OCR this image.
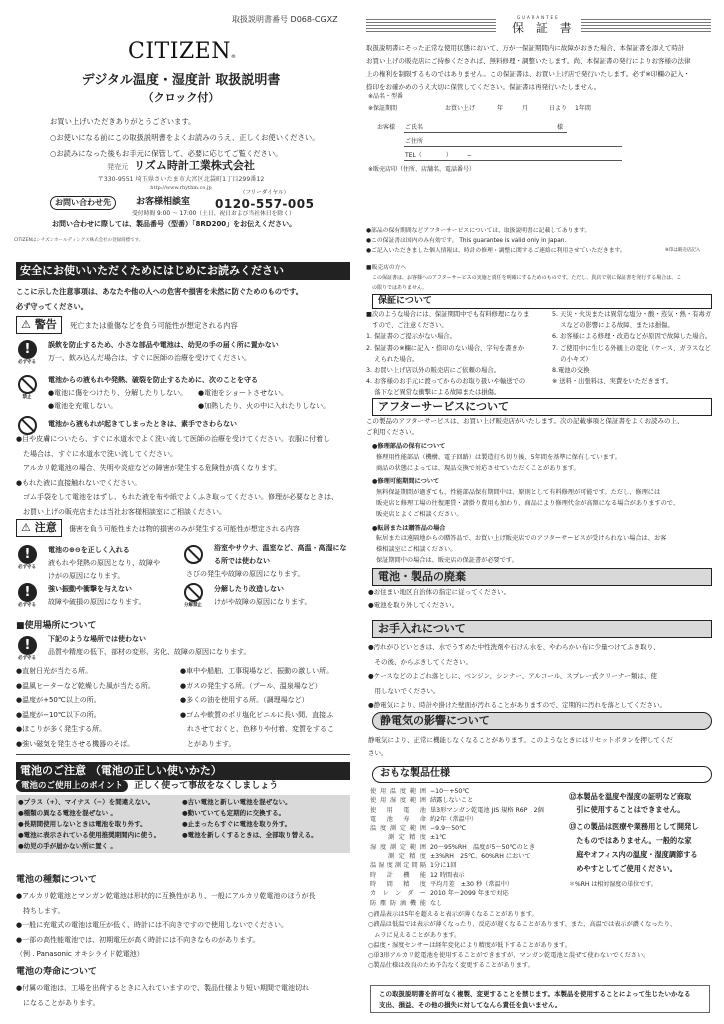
取扱説明書番号 D068-CGXZ
CITIZEN®
デジタル温度・湿度計 取扱説明書
（クロック付）
お買い上げいただきありがとうございます。
○お使いになる前にこの取扱説明書をよくお読みのうえ、正しくお使いください。
○お読みになった後もお手元に保管して、必要に応じてご覧ください。
発売元 リズム時計工業株式会社
〒330-9551 埼玉県さいたま市大宮区北袋町1丁目299番12
http://www.rhythm.co.jp
お問い合わせ先	お客様相談室
（フリーダイヤル）
0120-557-005
受付時間 9:00 ～ 17:00（土日、祝日および当社休日を除く）
お問い合わせに際しては、製品番号（型番）「8RD200」をお伝えください。
CITIZENはシチズンホールディングス株式会社の登録商標です。
安全にお使いいただくためにはじめにお読みください
ここに示した注意事項は、あなたや他の人への危害や損害を未然に防ぐためのものです。
必ず守ってください。
⚠ 警告 死亡または重傷などを負う可能性が想定される内容
!
必ず守る
誤飲を防止するため、小さな部品や電池は、幼児の手の届く所に置かない
万一、飲み込んだ場合は、すぐに医師の治療を受けてください。
禁止
電池からの液もれや発熱、破裂を防止するために、次のことを守る
●電池に傷をつけたり、分解したりしない。 ●電池をショートさせない。
●電池を充電しない。	●加熱したり、火の中に入れたりしない。
電池から液もれが起きてしまったときは、素手でさわらない
●目や皮膚についたら、すぐに水道水でよく洗い流して医師の治療を受けてください。衣服に付着し
　た場合は、すぐに水道水で洗い流してください。
　アルカリ乾電池の場合、失明や炎症などの障害が発生する危険性が高くなります。
●もれた液に直接触れないでください。
　ゴム手袋をして電池をはずし、もれた液を布や紙でよくふき取ってください。修理が必要なときは、
　お買い上げの販売店または当社お客様相談室にご相談ください。
⚠ 注意 傷害を負う可能性または物的損害のみが発生する可能性が想定される内容
!
必ず守る
電池の⊕⊖を正しく入れる
液もれや発熱の原因となり、故障や
けがの原因になります。
!
必ず守る
強い振動や衝撃を与えない
故障や破損の原因になります。
浴室やサウナ、温室など、高温・高湿にな
る所では使わない
さびの発生や故障の原因になります。
分解禁止
分解したり改造しない
けがや故障の原因になります。
■使用場所について
!
必ず守る
下記のような場所では使わない
品質や精度の低下、部材の変形、劣化、故障の原因になります。
●直射日光が当たる所。
●温風ヒーターなど乾燥した風が当たる所。
●温度が+50℃以上の所。
●温度が−10℃以下の所。
●ほこりが多く発生する所。
●強い磁気を発生させる機器のそば。
●車中や船舶、工事現場など、振動の激しい所。
●ガスの発生する所。（プール、温泉場など）
●多くの油を使用する所。（調理場など）
●ゴムや軟質のポリ塩化ビニルに長い間、直接ふ
　れさせておくと、色移りや付着、変質をするこ
　とがあります。
電池のご注意 （電池の正しい使いかた）
電池のご使用上のポイント 正しく使って事故をなくしましょう
●プラス（+）、マイナス（−）を間違えない。
●種類の異なる電池を混ぜない 。
●長期間使用しないときは電池を取り外す。
●電池に表示されている使用推奨期間内に使う。
●幼児の手が届かない所に置く 。
●古い電池と新しい電池を混ぜない。
●動いていても定期的に交換する。
●止まったらすぐに電池を取り外す。
●電池を新しくするときは、全部取り替える。
電池の種類について
●アルカリ乾電池とマンガン乾電池は形状的に互換性があり、一般にアルカリ乾電池のほうが長
　持ちします。
●一般に充電式の電池は電圧が低く、時計には不向きですので使用しないでください。
●一部の高性能電池では、初期電圧が高く時計には不向きなものがあります。
（例 . Panasonic オキシライド乾電池）
電池の寿命について
●付属の電池は、工場を出荷するときに入れていますので、製品仕様より短い期間で電池切れ
　になることがあります。
GUARANTEE
保 証 書
取扱説明書にそった正常な使用状態において、万が一保証期間内に故障がおきた場合、本保証書を添えて時計
お買い上げの販売店にご持参くだされば、無料修理・調整いたします。尚、本保証書の発行によりお客様の法律
上の権利を制限するものではありません。この保証書は、お買い上げ店で発行いたします。必ず※印欄の記入・
捺印をお確かめのうえ大切に保管してください。保証書は再発行いたしません。
※品名・型番
※保証期間	お買い上げ	年	月	日より 1年間
お客様 ご氏名	様
ご住所
TEL（　　　　）　　　−
※販売店印（住所、店舗名、電話番号）
●部品の保有期間などアフターサービスについては、取扱説明書に記載してあります。
●この保証書は国内のみ有効です。 This guarantee is valid only in Japan.
●ご記入いただきました個人情報は、時計の修理・調整に関するご連絡に利用させていただきます。	※印は販売店記入
■販売店の方へ
この保証書は、お客様へのアフターサービスの実施と責任を明確にするためのものです。ただし、貴店で別に保証書を発行する場合は、こ
の限りではありません。
保証について
■次のような場合には、保証期間中でも有料修理になりま
　すので、ご注意ください。
1. 保証書のご提示がない場合。
2. 保証書の※欄に記入・捺印のない場合、字句を書きか
　 えられた場合。
3. お買い上げ店以外の販売店にご依頼の場合。
4. お客様のお手元に渡ってからのお取り扱いや輸送での
　 落下など異常な衝撃による故障または損傷。
5. 天災・火災または異常な塩分・酸・蒸気・熱・有毒ガ
　 スなどの影響による故障、または損傷。
6. お客様による修理・改造などが原因で故障した場合。
7. ご使用中に生じる外観上の変化（ケース、ガラスなど
　 の小キズ）
8.電池の交換
※ 送料・出張料は、実費をいただきます。
アフターサービスについて
この製品のアフターサービスは、お買い上げ販売店がいたします。次の記載事項と保証書をよくお読みの上、
ご利用ください。
●修理部品の保有について
修理用性能部品（機構、電子回路）は製造打ち切り後、5年間を基準に保有しています。
商品の状態によっては、現品交換で対応させていただくことがあります。
●修理可能期間について
無料保証期間が過ぎても、性能部品保有期間中は、原則として有料修理が可能です。ただし、修理には
販売店と修理工場の往復運賃・諸掛り費用も加わり、商品により修理代金が高額になる場合がありますので、
販売店とよくご相談ください。
●転居または贈答品の場合
転居または遠隔地からの贈答品で、お買い上げ販売店でのアフターサービスが受けられない場合は、お客
様相談室にご相談ください。
保証期間中の場合は、販売店の保証書が必要です。
電池・製品の廃棄
●お住まい地区自治体の指定に従ってください。
●電池を取り外してください。
お手入れについて
●汚れがひどいときは、水でうすめた中性洗剤や石けん水を、やわらかい布に少量つけてふき取り、
　その後、からぶきしてください。
●ケースなどのよごれ落としに、ベンジン、シンナー、アルコール、スプレー式クリーナー類は、使
　用しないでください。
●静電気により、時計や掛けた壁面が汚れることがありますので、定期的に汚れを落としてください。
静電気の影響について
静電気により、正常に機能しなくなることがあります。このようなときにはリセットボタンを押してくだ
さい。
おもな製品仕様
使用温度範囲 −10～+50℃
使用湿度範囲 結露しないこと
使用電池 単3形マンガン乾電池 JIS 規格 R6P　2個
電池寿命 約2年（常温中）
温度測定範囲 −9.9～50℃
測定精度 ±1℃
湿度測定範囲 20～95%RH　温度が5～50℃のとき
測定精度 ±3%RH　25℃、60%RH において
温湿度測定間隔 1分に1回
時計機能 12 時間表示
時間精度 平均月差　±30 秒（常温中）
カレンダー 2010 年～2099 年まで対応
防塵防滴機能 なし
⑫本製品を温度や湿度の証明など商取
　引に使用することはできません。
⑬この製品は医療や業務用として開発し
　たものではありません。一般的な家
　庭やオフィス内の温度・湿度調節する
　めやすとしてご使用ください。
＊%RH は相対湿度の単位です。
○液晶表示は5年を超えると表示が薄くなることがあります。
○液晶は低温では表示が薄くなったり、反応が遅くなることがあります。また、高温では表示が濃くなったり、
　ムラに見えることがあります。
○温度・湿度センサーは経年変化により精度が低下することがあります。
○単3形アルカリ乾電池を使用することができますが、マンガン乾電池と混ぜて使わないでください。
○製品仕様は改良のため予告なく変更することがあります。
この取扱説明書を許可なく複製、変更することを禁じます。本製品を使用することによって生じたいかなる
支出、損益、その他の損失に対してなんら責任を負いません。
